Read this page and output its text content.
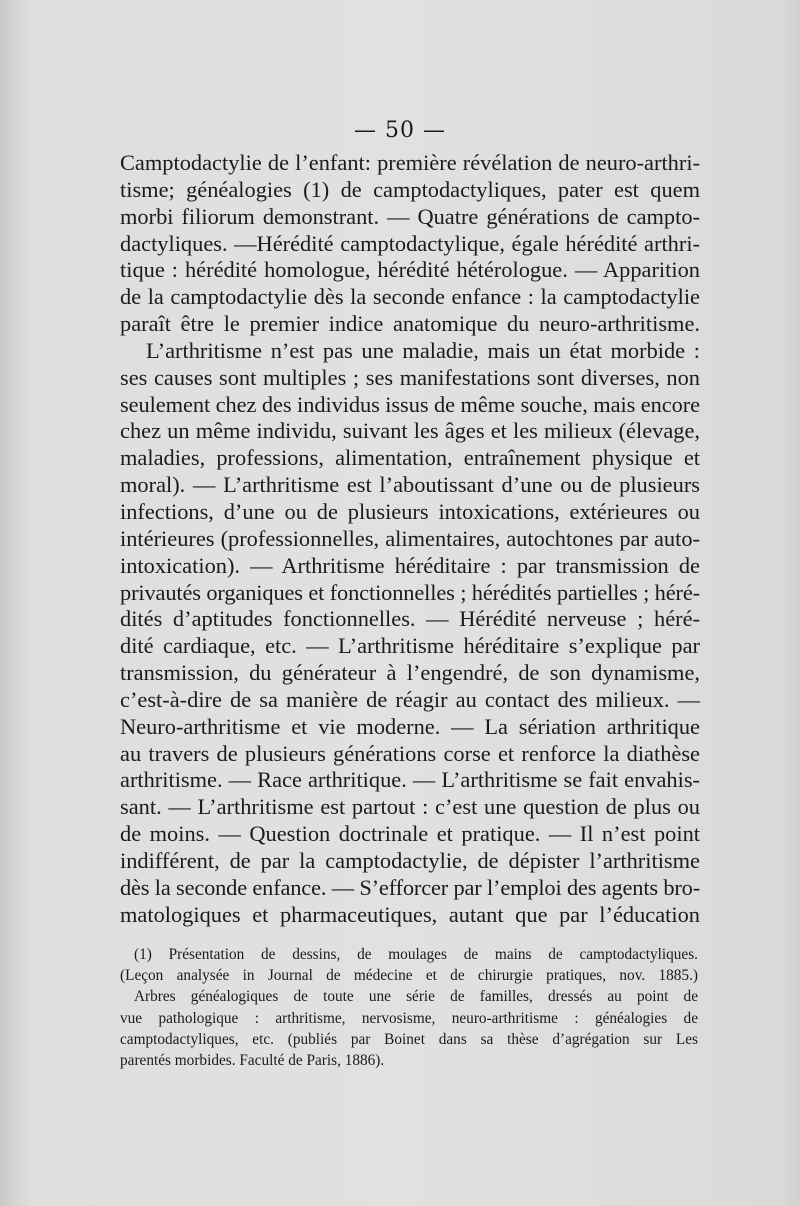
— 50 —
Camptodactylie de l’enfant: première révélation de neuro-arthri-
tisme; généalogies (1) de camptodactyliques, pater est quem
morbi filiorum demonstrant. — Quatre générations de campto-
dactyliques. —Hérédité camptodactylique, égale hérédité arthri-
tique : hérédité homologue, hérédité hétérologue. — Apparition
de la camptodactylie dès la seconde enfance : la camptodactylie
paraît être le premier indice anatomique du neuro-arthritisme.
L’arthritisme n’est pas une maladie, mais un état morbide :
ses causes sont multiples ; ses manifestations sont diverses, non
seulement chez des individus issus de même souche, mais encore
chez un même individu, suivant les âges et les milieux (élevage,
maladies, professions, alimentation, entraînement physique et
moral). — L’arthritisme est l’aboutissant d’une ou de plusieurs
infections, d’une ou de plusieurs intoxications, extérieures ou
intérieures (professionnelles, alimentaires, autochtones par auto-
intoxication). — Arthritisme héréditaire : par transmission de
privautés organiques et fonctionnelles ; hérédités partielles ; héré-
dités d’aptitudes fonctionnelles. — Hérédité nerveuse ; héré-
dité cardiaque, etc. — L’arthritisme héréditaire s’explique par
transmission, du générateur à l’engendré, de son dynamisme,
c’est-à-dire de sa manière de réagir au contact des milieux. —
Neuro-arthritisme et vie moderne. — La sériation arthritique
au travers de plusieurs générations corse et renforce la diathèse
arthritisme. — Race arthritique. — L’arthritisme se fait envahis-
sant. — L’arthritisme est partout : c’est une question de plus ou
de moins. — Question doctrinale et pratique. — Il n’est point
indifférent, de par la camptodactylie, de dépister l’arthritisme
dès la seconde enfance. — S’efforcer par l’emploi des agents bro-
matologiques et pharmaceutiques, autant que par l’éducation
(1) Présentation de dessins, de moulages de mains de camptodactyliques.
(Leçon analysée in Journal de médecine et de chirurgie pratiques, nov. 1885.)
Arbres généalogiques de toute une série de familles, dressés au point de
vue pathologique : arthritisme, nervosisme, neuro-arthritisme : généalogies de
camptodactyliques, etc. (publiés par Boinet dans sa thèse d’agrégation sur Les
parentés morbides. Faculté de Paris, 1886).
